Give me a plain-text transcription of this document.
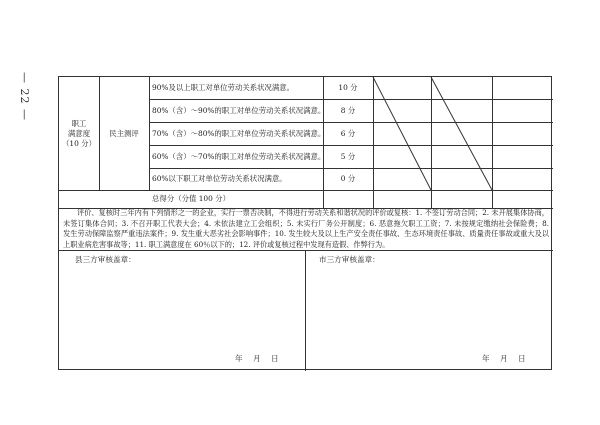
— 22 —
职工
满意度
（10 分）
民主测评
90%及以上职工对单位劳动关系状况满意。	10 分
80%（含）～90%的职工对单位劳动关系状况满意。	8 分
70%（含）～80%的职工对单位劳动关系状况满意。	6 分
60%（含）～70%的职工对单位劳动关系状况满意。	5 分
60%以下职工对单位劳动关系状况满意。	0 分
总得分（分值 100 分）
评价、复核时三年内有下列情形之一的企业，实行一票否决制，不得进行劳动关系和谐状况的评价或复核：1. 不签订劳动合同；2. 未开展集体协商，未签订集体合同；3. 不召开职工代表大会；4. 未依法建立工会组织；5. 未实行厂务公开制度；6. 恶意拖欠职工工资；7. 未按规定缴纳社会保险费；8. 发生劳动保障监察严重违法案件；9. 发生重大恶劣社会影响事件；10. 发生较大及以上生产安全责任事故、生态环境责任事故、质量责任事故或重大及以上职业病危害事故等；11. 职工满意度在 60％以下的；12. 评价或复核过程中发现有造假、作弊行为。
县三方审核盖章：	市三方审核盖章：
年 月 日	年 月 日
